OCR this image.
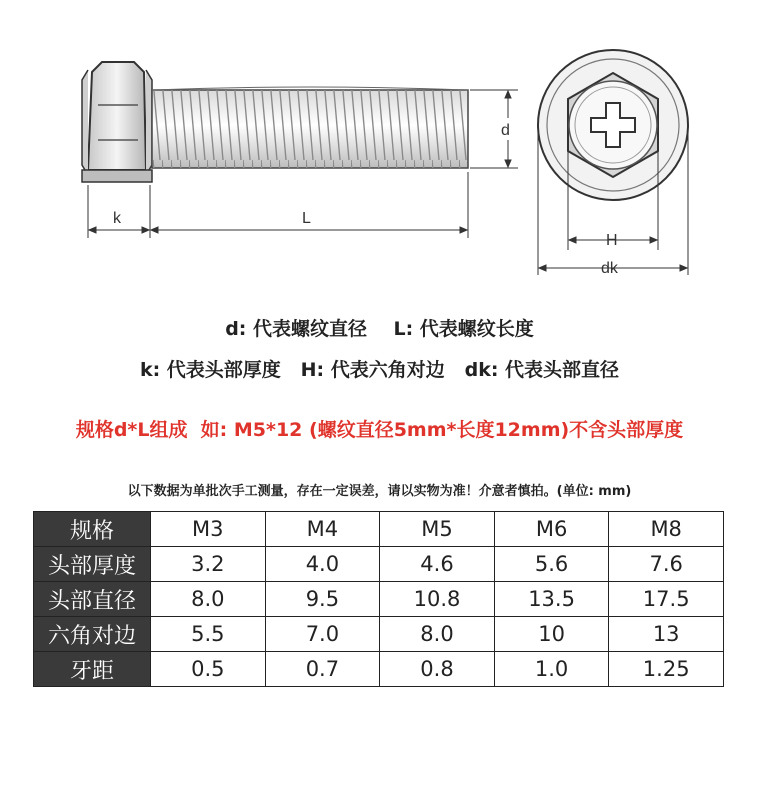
d
k	L
H
dk
d: 代表螺纹直径    L: 代表螺纹长度
k: 代表头部厚度   H: 代表六角对边   dk: 代表头部直径
规格d*L组成  如: M5*12 (螺纹直径5mm*长度12mm)不含头部厚度
以下数据为单批次手工测量，存在一定误差，请以实物为准！介意者慎拍。(单位: mm)
规格	M3	M4	M5	M6	M8
头部厚度	3.2	4.0	4.6	5.6	7.6
头部直径	8.0	9.5	10.8	13.5	17.5
六角对边	5.5	7.0	8.0	10	13
牙距	0.5	0.7	0.8	1.0	1.25
